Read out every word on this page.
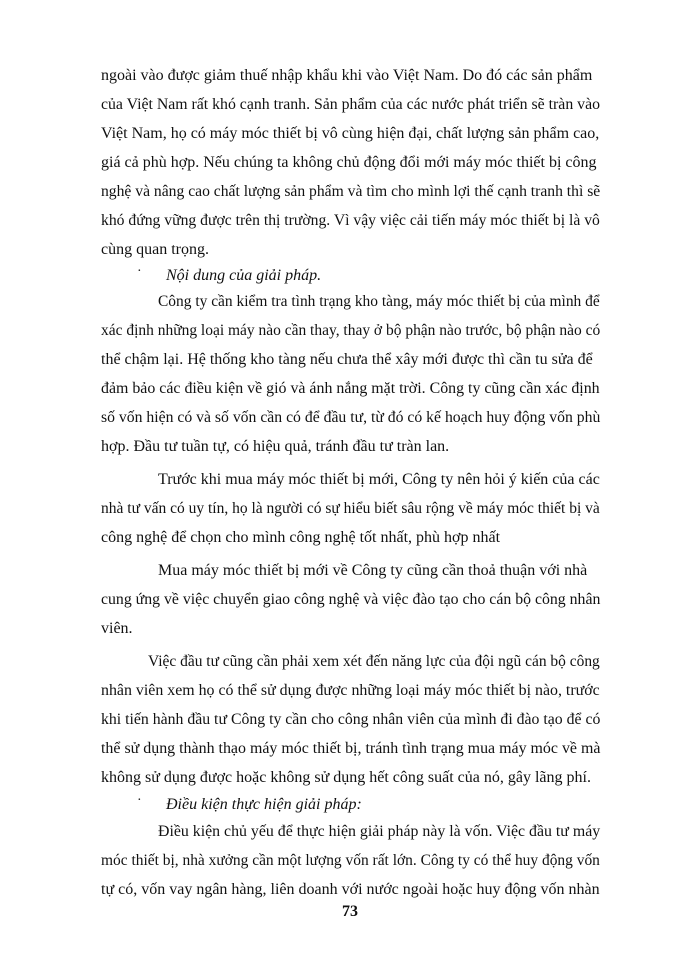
ngoài vào được giảm thuế nhập khẩu khi vào Việt Nam. Do đó các sản phẩm
của Việt Nam rất khó cạnh tranh. Sản phẩm của các nước phát triển sẽ tràn vào
Việt Nam, họ có máy móc thiết bị vô cùng hiện đại, chất lượng sản phẩm cao,
giá cả phù hợp. Nếu chúng ta không chủ động đổi mới máy móc thiết bị công
nghệ và nâng cao chất lượng sản phẩm và tìm cho mình lợi thế cạnh tranh thì sẽ
khó đứng vững được trên thị trường. Vì vậy việc cải tiến máy móc thiết bị là vô
cùng quan trọng.
· Nội dung của giải pháp.
Công ty cần kiểm tra tình trạng kho tàng, máy móc thiết bị của mình để
xác định những loại máy nào cần thay, thay ở bộ phận nào trước, bộ phận nào có
thể chậm lại. Hệ thống kho tàng nếu chưa thể xây mới được thì cần tu sửa để
đảm bảo các điều kiện về gió và ánh nắng mặt trời. Công ty cũng cần xác định
số vốn hiện có và số vốn cần có để đầu tư, từ đó có kế hoạch huy động vốn phù
hợp. Đầu tư tuần tự, có hiệu quả, tránh đầu tư tràn lan.
Trước khi mua máy móc thiết bị mới, Công ty nên hỏi ý kiến của các
nhà tư vấn có uy tín, họ là người có sự hiểu biết sâu rộng về máy móc thiết bị và
công nghệ để chọn cho mình công nghệ tốt nhất, phù hợp nhất
Mua máy móc thiết bị mới về Công ty cũng cần thoả thuận với nhà
cung ứng về việc chuyển giao công nghệ và việc đào tạo cho cán bộ công nhân
viên.
Việc đầu tư cũng cần phải xem xét đến năng lực của đội ngũ cán bộ công
nhân viên xem họ có thể sử dụng được những loại máy móc thiết bị nào, trước
khi tiến hành đầu tư Công ty cần cho công nhân viên của mình đi đào tạo để có
thể sử dụng thành thạo máy móc thiết bị, tránh tình trạng mua máy móc về mà
không sử dụng được hoặc không sử dụng hết công suất của nó, gây lãng phí.
· Điều kiện thực hiện giải pháp:
Điều kiện chủ yếu để thực hiện giải pháp này là vốn. Việc đầu tư máy
móc thiết bị, nhà xưởng cần một lượng vốn rất lớn. Công ty có thể huy động vốn
tự có, vốn vay ngân hàng, liên doanh với nước ngoài hoặc huy động vốn nhàn
73
